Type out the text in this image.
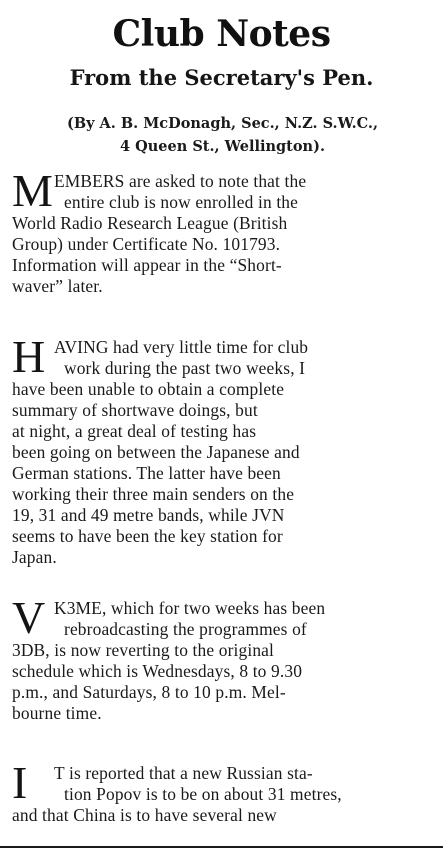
Club Notes
From the Secretary's Pen.
(By A. B. McDonagh, Sec., N.Z. S.W.C.,
4 Queen St., Wellington).
M EMBERS are asked to note that the
entire club is now enrolled in the
World Radio Research League (British
Group) under Certificate No. 101793.
Information will appear in the “Short-
waver” later.
H AVING had very little time for club
work during the past two weeks, I
have been unable to obtain a complete
summary of shortwave doings, but
at night, a great deal of testing has
been going on between the Japanese and
German stations. The latter have been
working their three main senders on the
19, 31 and 49 metre bands, while JVN
seems to have been the key station for
Japan.
V K3ME, which for two weeks has been
rebroadcasting the programmes of
3DB, is now reverting to the original
schedule which is Wednesdays, 8 to 9.30
p.m., and Saturdays, 8 to 10 p.m. Mel-
bourne time.
I T is reported that a new Russian sta-
tion Popov is to be on about 31 metres,
and that China is to have several new
